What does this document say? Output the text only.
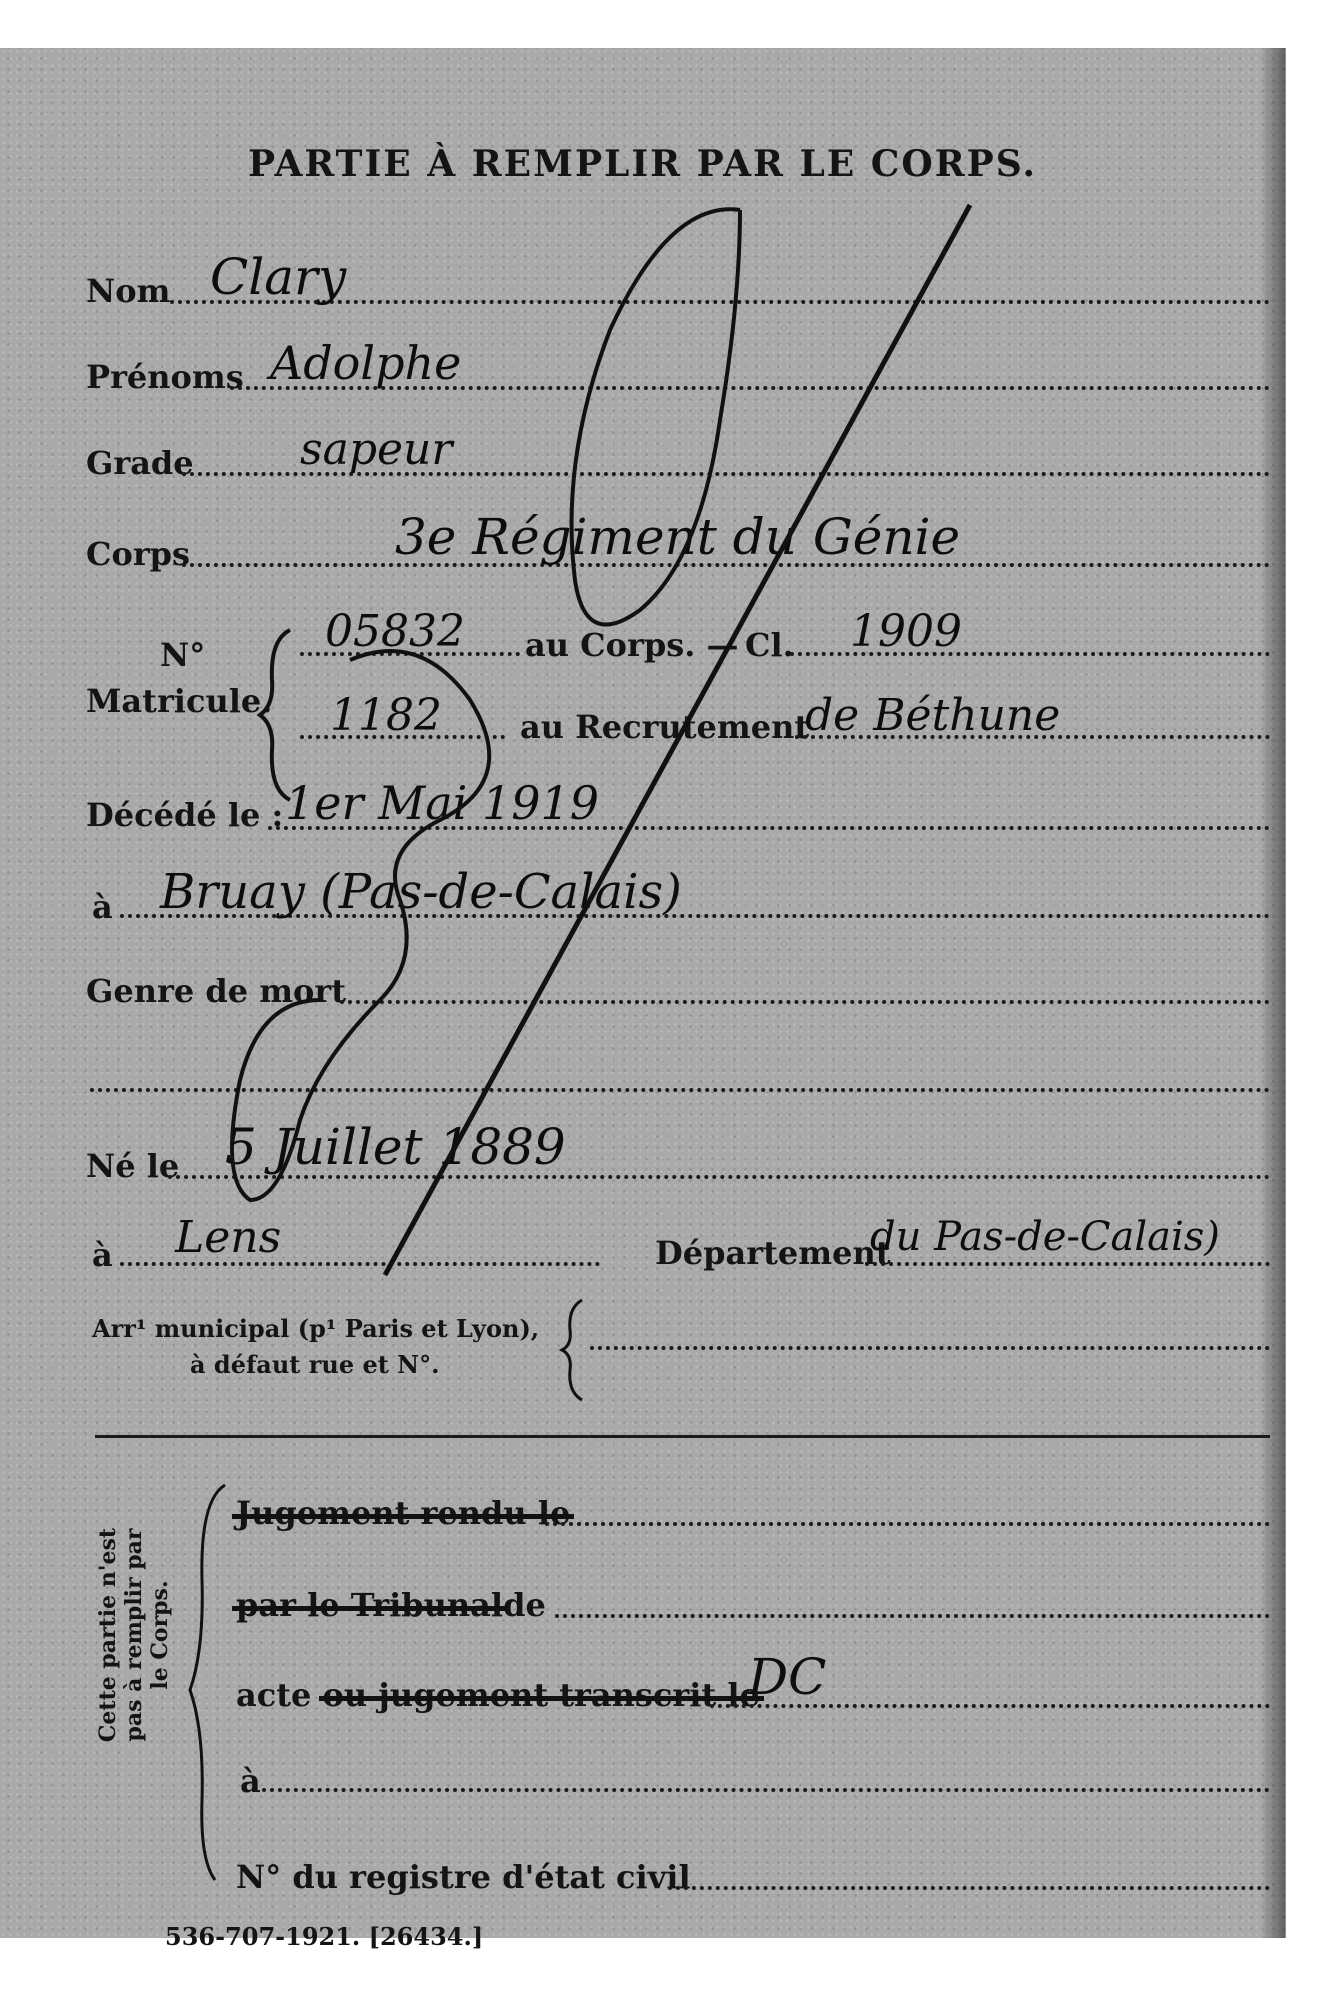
PARTIE À REMPLIR PAR LE CORPS.
Nom Clary
Prénoms Adolphe
Grade sapeur
Corps	3e Régiment du Génie
N°
Matricule.
05832 au Corps. — Cl. 1909
1182 au Recrutement
de Béthune
Décédé le : 1er Mai 1919
à Bruay (Pas-de-Calais)
Genre de mort
Né le 5 Juillet 1889
à Lens	Département
du Pas-de-Calais)
Arr¹ municipal (p¹ Paris et Lyon),
à défaut rue et N°.
Cette partie n'est pas à remplir par le Corps.
Jugement rendu le
par le Tribunalde
acte ou jugement transcrit le
DC
à
N° du registre d'état civil
536-707-1921. [26434.]
